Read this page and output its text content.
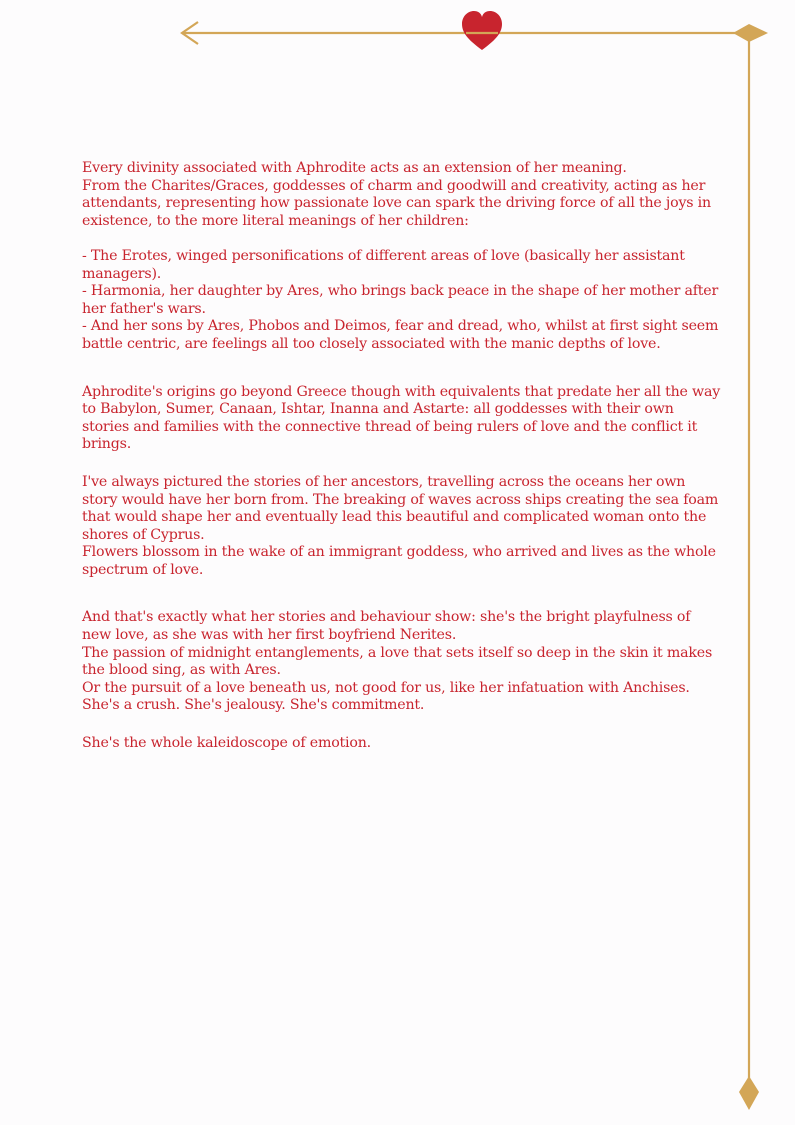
Every divinity associated with Aphrodite acts as an extension of her meaning.

From the Charites/Graces, goddesses of charm and goodwill and creativity, acting as her attendants, representing how passionate love can spark the driving force of all the joys in existence, to the more literal meanings of her children:

- The Erotes, winged personifications of different areas of love (basically her assistant managers).

- Harmonia, her daughter by Ares, who brings back peace in the shape of her mother after her father's wars.

- And her sons by Ares, Phobos and Deimos, fear and dread, who, whilst at first sight seem battle centric, are feelings all too closely associated with the manic depths of love.

Aphrodite's origins go beyond Greece though with equivalents that predate her all the way to Babylon, Sumer, Canaan, Ishtar, Inanna and Astarte: all goddesses with their own stories and families with the connective thread of being rulers of love and the conflict it brings.

I've always pictured the stories of her ancestors, travelling across the oceans her own story would have her born from. The breaking of waves across ships creating the sea foam that would shape her and eventually lead this beautiful and complicated woman onto the shores of Cyprus.

Flowers blossom in the wake of an immigrant goddess, who arrived and lives as the whole spectrum of love.

And that's exactly what her stories and behaviour show: she's the bright playfulness of new love, as she was with her first boyfriend Nerites.

The passion of midnight entanglements, a love that sets itself so deep in the skin it makes the blood sing, as with Ares.

Or the pursuit of a love beneath us, not good for us, like her infatuation with Anchises. She's a crush. She's jealousy. She's commitment.

She's the whole kaleidoscope of emotion.
